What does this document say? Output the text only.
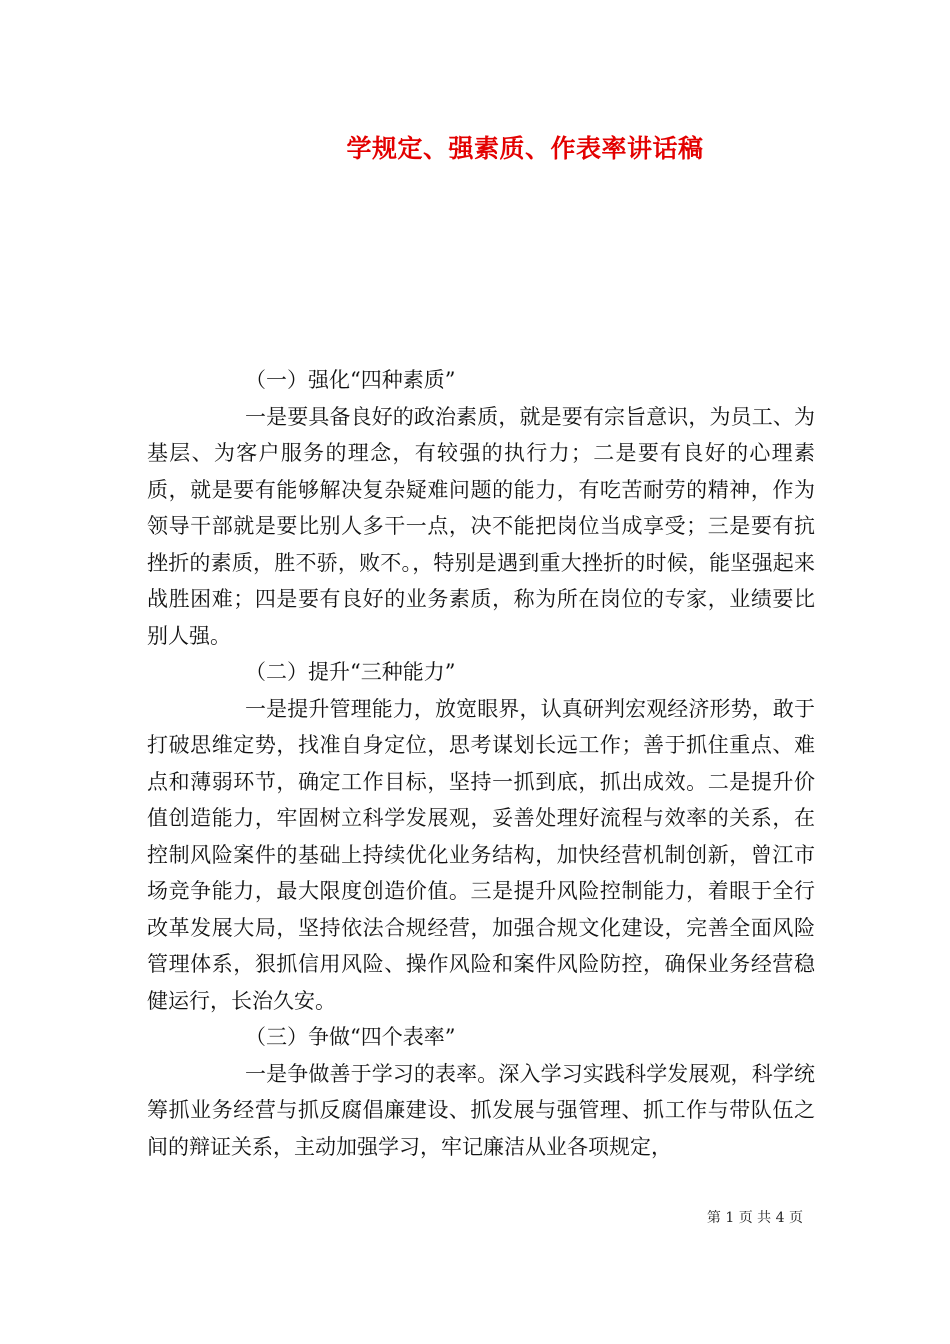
学规定、强素质、作表率讲话稿

（一）强化“四种素质”

一是要具备良好的政治素质，就是要有宗旨意识，为员工、为基层、为客户服务的理念，有较强的执行力；二是要有良好的心理素质，就是要有能够解决复杂疑难问题的能力，有吃苦耐劳的精神，作为领导干部就是要比别人多干一点，决不能把岗位当成享受；三是要有抗挫折的素质，胜不骄，败不。，特别是遇到重大挫折的时候，能坚强起来战胜困难；四是要有良好的业务素质，称为所在岗位的专家，业绩要比别人强。

（二）提升“三种能力”

一是提升管理能力，放宽眼界，认真研判宏观经济形势，敢于打破思维定势，找准自身定位，思考谋划长远工作；善于抓住重点、难点和薄弱环节，确定工作目标，坚持一抓到底，抓出成效。二是提升价值创造能力，牢固树立科学发展观，妥善处理好流程与效率的关系，在控制风险案件的基础上持续优化业务结构，加快经营机制创新，曾江市场竞争能力，最大限度创造价值。三是提升风险控制能力，着眼于全行改革发展大局，坚持依法合规经营，加强合规文化建设，完善全面风险管理体系，狠抓信用风险、操作风险和案件风险防控，确保业务经营稳健运行，长治久安。

（三）争做“四个表率”

一是争做善于学习的表率。深入学习实践科学发展观，科学统筹抓业务经营与抓反腐倡廉建设、抓发展与强管理、抓工作与带队伍之间的辩证关系，主动加强学习，牢记廉洁从业各项规定，

第 1 页 共 4 页
